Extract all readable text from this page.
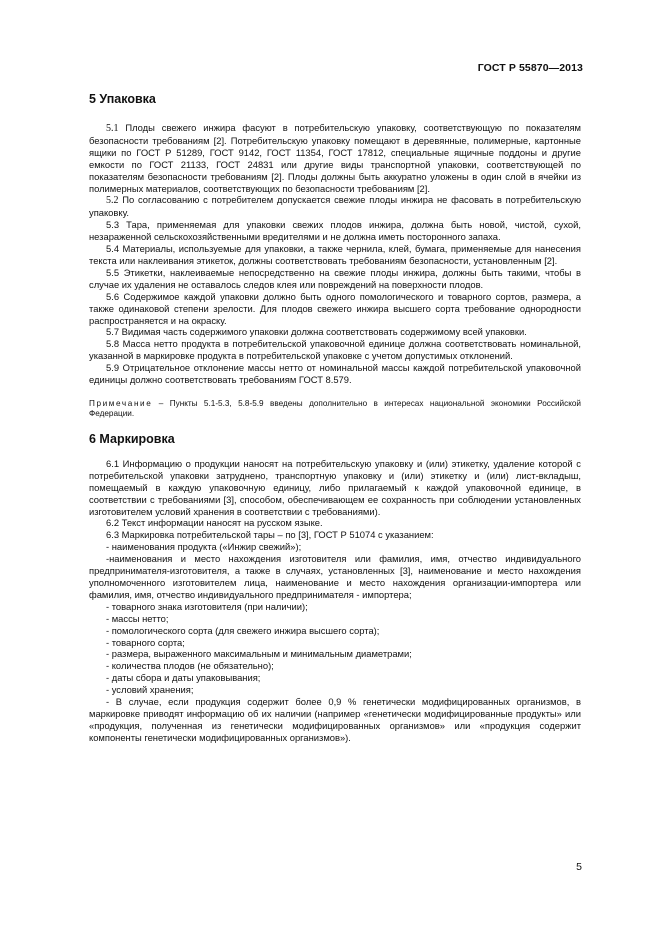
ГОСТ Р 55870—2013
5 Упаковка

5.1 Плоды свежего инжира фасуют в потребительскую упаковку, соответствующую по показателям безопасности требованиям [2]. Потребительскую упаковку помещают в деревянные, полимерные, картонные ящики по ГОСТ Р 51289, ГОСТ 9142, ГОСТ 11354, ГОСТ 17812, специальные ящичные поддоны и другие емкости по ГОСТ 21133, ГОСТ 24831 или другие виды транспортной упаковки, соответствующей по показателям безопасности требованиям [2]. Плоды должны быть аккуратно уложены в один слой в ячейки из полимерных материалов, соответствующих по безопасности требованиям [2].

5.2 По согласованию с потребителем допускается свежие плоды инжира не фасовать в потребительскую упаковку.

5.3 Тара, применяемая для упаковки свежих плодов инжира, должна быть новой, чистой, сухой, незараженной сельскохозяйственными вредителями и не должна иметь посторонного запаха.

5.4 Материалы, используемые для упаковки, а также чернила, клей, бумага, применяемые для нанесения текста или наклеивания этикеток, должны соответствовать требованиям безопасности, установленным [2].

5.5 Этикетки, наклеиваемые непосредственно на свежие плоды инжира, должны быть такими, чтобы в случае их удаления не оставалось следов клея или повреждений на поверхности плодов.

5.6 Содержимое каждой упаковки должно быть одного помологического и товарного сортов, размера, а также одинаковой степени зрелости. Для плодов свежего инжира высшего сорта требование однородности распространяется и на окраску.

5.7 Видимая часть содержимого упаковки должна соответствовать содержимому всей упаковки.

5.8 Масса нетто продукта в потребительской упаковочной единице должна соответствовать номинальной, указанной в маркировке продукта в потребительской упаковке с учетом допустимых отклонений.

5.9 Отрицательное отклонение массы нетто от номинальной массы каждой потребительской упаковочной единицы должно соответствовать требованиям ГОСТ 8.579.

Примечание – Пункты 5.1-5.3, 5.8-5.9 введены дополнительно в интересах национальной экономики Российской Федерации.

6 Маркировка

6.1 Информацию о продукции наносят на потребительскую упаковку и (или) этикетку, удаление которой с потребительской упаковки затруднено, транспортную упаковку и (или) этикетку и (или) лист-вкладыш, помещаемый в каждую упаковочную единицу, либо прилагаемый к каждой упаковочной единице, в соответствии с требованиями [3], способом, обеспечивающем ее сохранность при соблюдении установленных изготовителем условий хранения в соответствии с требованиями).

6.2 Текст информации наносят на русском языке.

6.3 Маркировка потребительской тары – по [3], ГОСТ Р 51074 с указанием:

- наименования продукта («Инжир свежий»);

-наименования и место нахождения изготовителя или фамилия, имя, отчество индивидуального предпринимателя-изготовителя, а также в случаях, установленных [3], наименование и место нахождения уполномоченного изготовителем лица, наименование и место нахождения организации-импортера или фамилия, имя, отчество индивидуального предпринимателя - импортера;

- товарного знака изготовителя (при наличии);

- массы нетто;

- помологического сорта (для свежего инжира высшего сорта);

- товарного сорта;

- размера, выраженного максимальным и минимальным диаметрами;

- количества плодов (не обязательно);

- даты сбора и даты упаковывания;

- условий хранения;

- В случае, если продукция содержит более 0,9 % генетически модифицированных организмов, в маркировке приводят информацию об их наличии (например «генетически модифицированные продукты» или «продукция, полученная из генетически модифицированных организмов» или «продукция содержит компоненты генетически модифицированных организмов»).

5
